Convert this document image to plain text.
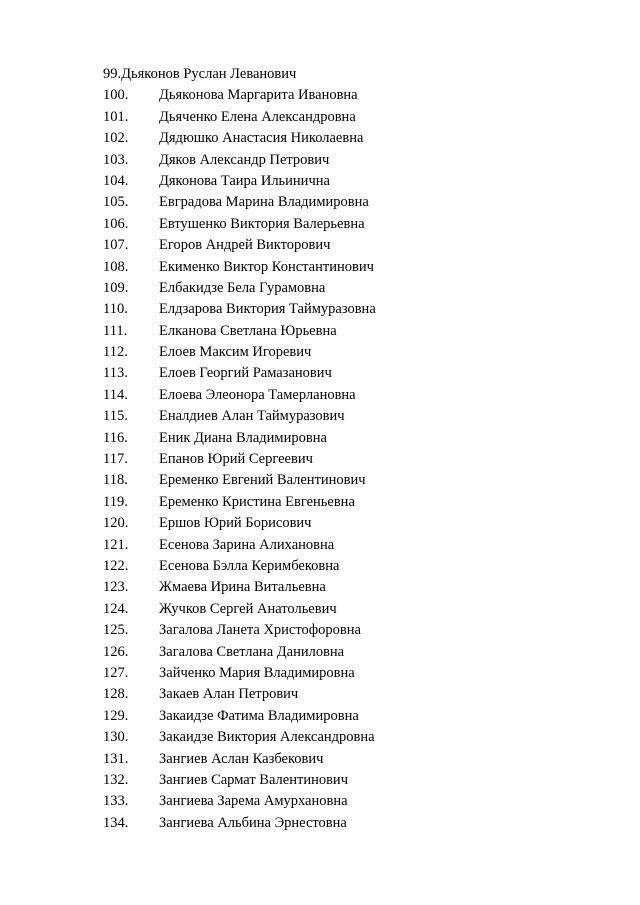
99.Дьяконов Руслан Леванович
100.	Дьяконова Маргарита Ивановна
101.	Дьяченко Елена Александровна
102.	Дядюшко Анастасия Николаевна
103.	Дяков Александр Петрович
104.	Дяконова Таира Ильинична
105.	Евградова Марина Владимировна
106.	Евтушенко Виктория Валерьевна
107.	Егоров Андрей Викторович
108.	Екименко Виктор Константинович
109.	Елбакидзе Бела Гурамовна
110.	Елдзарова Виктория Таймуразовна
111.	Елканова Светлана Юрьевна
112.	Елоев Максим Игоревич
113.	Елоев Георгий Рамазанович
114.	Елоева Элеонора Тамерлановна
115.	Еналдиев Алан Таймуразович
116.	Еник Диана Владимировна
117.	Епанов Юрий Сергеевич
118.	Еременко Евгений Валентинович
119.	Еременко Кристина Евгеньевна
120.	Ершов Юрий Борисович
121.	Есенова Зарина Алихановна
122.	Есенова Бэлла Керимбековна
123.	Жмаева Ирина Витальевна
124.	Жучков Сергей Анатольевич
125.	Загалова Ланета Христофоровна
126.	Загалова Светлана Даниловна
127.	Зайченко Мария Владимировна
128.	Закаев Алан Петрович
129.	Закаидзе Фатима Владимировна
130.	Закаидзе Виктория Александровна
131.	Зангиев Аслан Казбекович
132.	Зангиев Сармат Валентинович
133.	Зангиева Зарема Амурхановна
134.	Зангиева Альбина Эрнестовна
